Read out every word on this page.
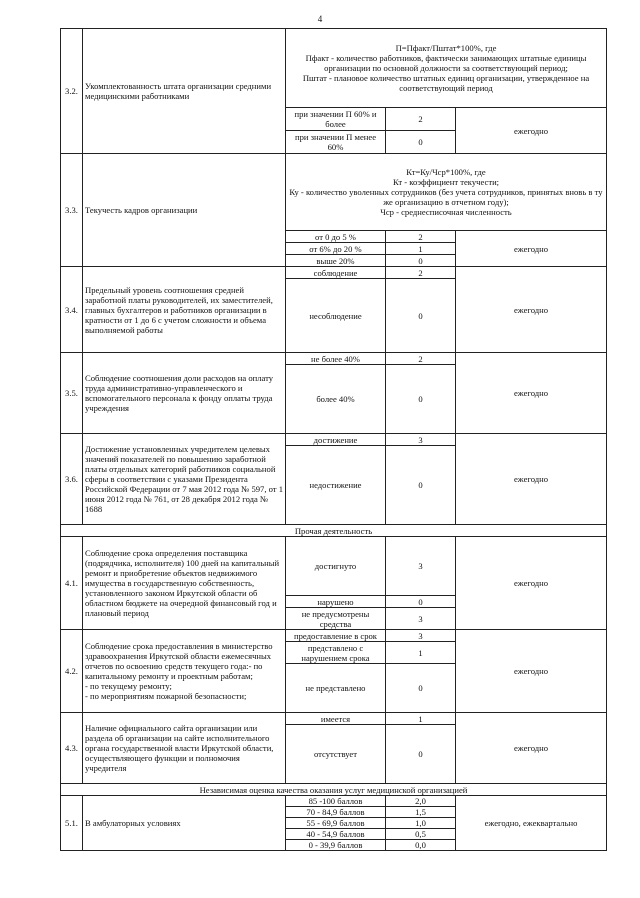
4
3.2.	Укомплектованность штата организации средними медицинскими работниками	П=Пфакт/Пштат*100%, где
Пфакт - количество работников, фактически занимающих штатные единицы организации по основной должности за соответствующий период;
Пштат - плановое количество штатных единиц организации, утвержденное на соответствующий период		

		при значении П 60% и более	2	ежегодно
		при значении П менее 60%	0	
3.3.	Текучесть кадров организации	Кт=Ку/Чср*100%, где
Кт - коэффициент текучести;
Ку - количество уволенных сотрудников (без учета сотрудников, принятых вновь в ту же организацию в отчетном году);
Чср - среднесписочная численность		

		от 0 до 5 %	2	ежегодно
		от 6% до 20 %	1	
		выше 20%	0	
3.4.	Предельный уровень соотношения средней заработной платы руководителей, их заместителей, главных бухгалтеров и работников организации в кратности от 1 до 6 с учетом сложности и объема выполняемой работы	соблюдение	2	ежегодно
		несоблюдение	0	
3.5.	Соблюдение соотношения доли расходов на оплату труда административно-управленческого и вспомогательного персонала к фонду оплаты труда учреждения	не более 40%	2	ежегодно
		более 40%	0	
3.6.	Достижение установленных учредителем целевых значений показателей по повышению заработной платы отдельных категорий работников социальной сферы в соответствии с указами Президента Российской Федерации от 7 мая 2012 года № 597, от 1 июня 2012 года № 761, от 28 декабря 2012 года № 1688	достижение	3	ежегодно
		недостижение	0	
Прочая деятельность				
4.1.	Соблюдение срока определения поставщика (подрядчика, исполнителя) 100 дней на капитальный ремонт и приобретение объектов недвижимого имущества в государственную собственность, установленного законом Иркутской области об областном бюджете на очередной финансовый год и плановый период	достигнуто	3	ежегодно
		нарушено	0	
		не предусмотрены средства	3	
4.2.	Соблюдение срока предоставления в министерство здравоохранения Иркутской области ежемесячных отчетов по освоению средств текущего года:- по капитальному ремонту и проектным работам;
- по текущему ремонту;
- по мероприятиям пожарной безопасности;	предоставление в срок	3	ежегодно
		представлено с нарушением срока	1	
		не представлено	0	
4.3.	Наличие официального сайта организации или раздела об организации на сайте исполнительного органа государственной власти Иркутской области, осуществляющего функции и полномочия учредителя	имеется	1	ежегодно
		отсутствует	0	
Независимая оценка качества оказания услуг медицинской организацией				
5.1.	В амбулаторных условиях	85 -100 баллов	2,0	ежегодно, ежеквартально
		70 - 84,9 баллов	1,5	
		55 - 69,9 баллов	1,0	
		40 - 54,9 баллов	0,5	
		0 - 39,9 баллов	0,0	
